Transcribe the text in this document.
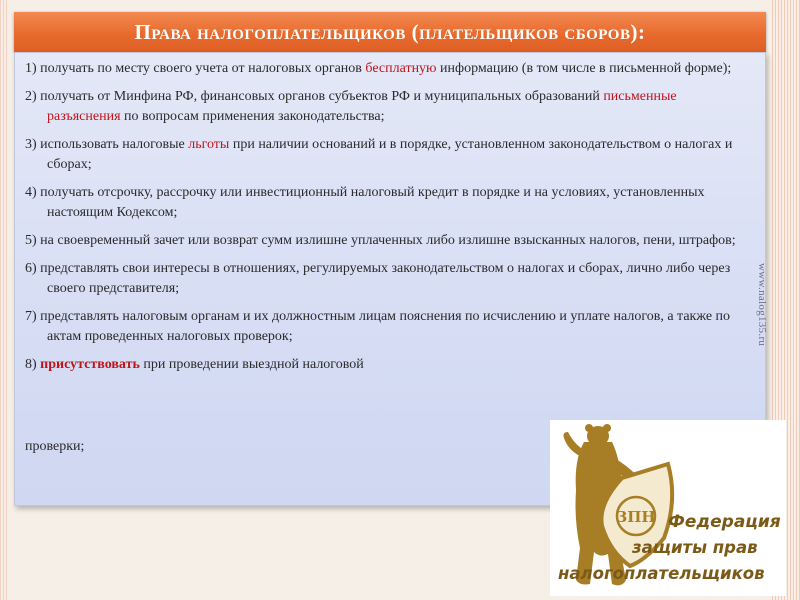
Права налогоплательщиков (плательщиков сборов):

1) получать по месту своего учета от налоговых органов бесплатную информацию (в том числе в письменной форме);

2) получать от Минфина РФ, финансовых органов субъектов РФ и муниципальных образований письменные разъяснения по вопросам применения законодательства;

3) использовать налоговые льготы при наличии оснований и в порядке, установленном законодательством о налогах и сборах;

4) получать отсрочку, рассрочку или инвестиционный налоговый кредит в порядке и на условиях, установленных настоящим Кодексом;

5) на своевременный зачет или возврат сумм излишне уплаченных либо излишне взысканных налогов, пени, штрафов;

6) представлять свои интересы в отношениях, регулируемых законодательством о налогах и сборах, лично либо через своего представителя;

7) представлять налоговым органам и их должностным лицам пояснения по исчислению и уплате налогов, а также по актам проведенных налоговых проверок;

8) присутствовать при проведении выездной налоговой

проверки;
www.nalog135.ru
ЗПН Федерация
защиты прав
налогоплательщиков
